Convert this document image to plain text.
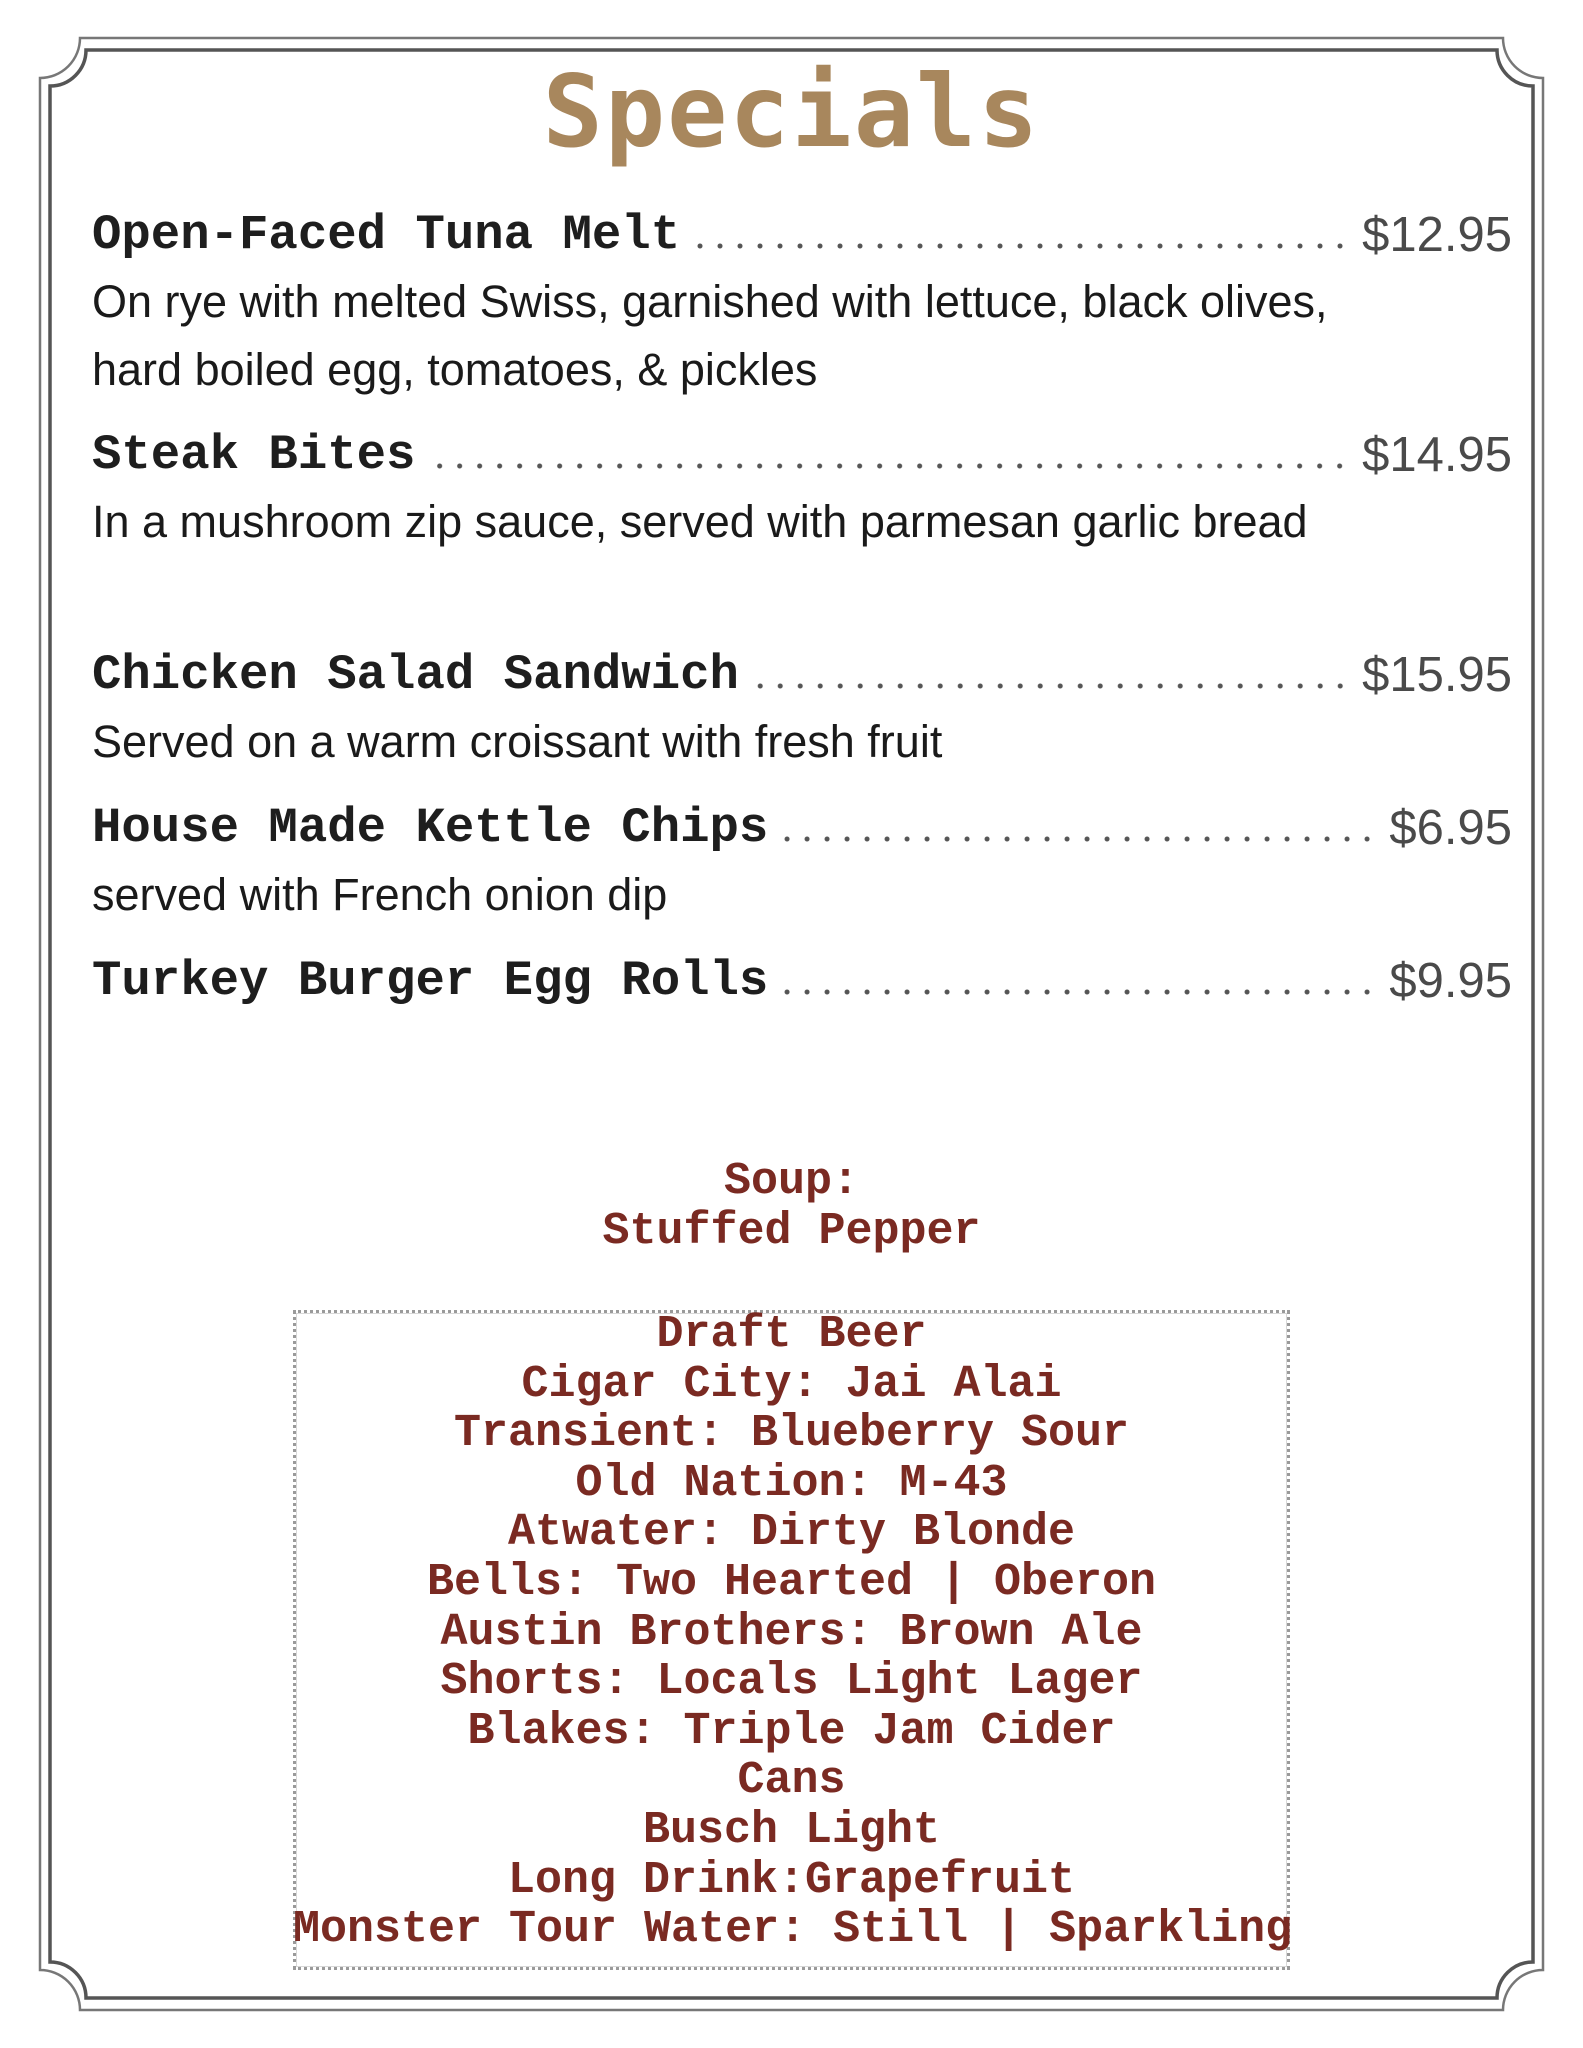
Specials
Open-Faced Tuna Melt	$12.95
On rye with melted Swiss, garnished with lettuce, black olives, hard boiled egg, tomatoes, & pickles
Steak Bites	$14.95
In a mushroom zip sauce, served with parmesan garlic bread
Chicken Salad Sandwich	$15.95
Served on a warm croissant with fresh fruit
House Made Kettle Chips	$6.95
served with French onion dip
Turkey Burger Egg Rolls	$9.95
Soup:
Stuffed Pepper
Draft Beer
Cigar City: Jai Alai
Transient: Blueberry Sour
Old Nation: M-43
Atwater: Dirty Blonde
Bells: Two Hearted | Oberon
Austin Brothers: Brown Ale
Shorts: Locals Light Lager
Blakes: Triple Jam Cider
Cans
Busch Light
Long Drink:Grapefruit
Monster Tour Water: Still | Sparkling
